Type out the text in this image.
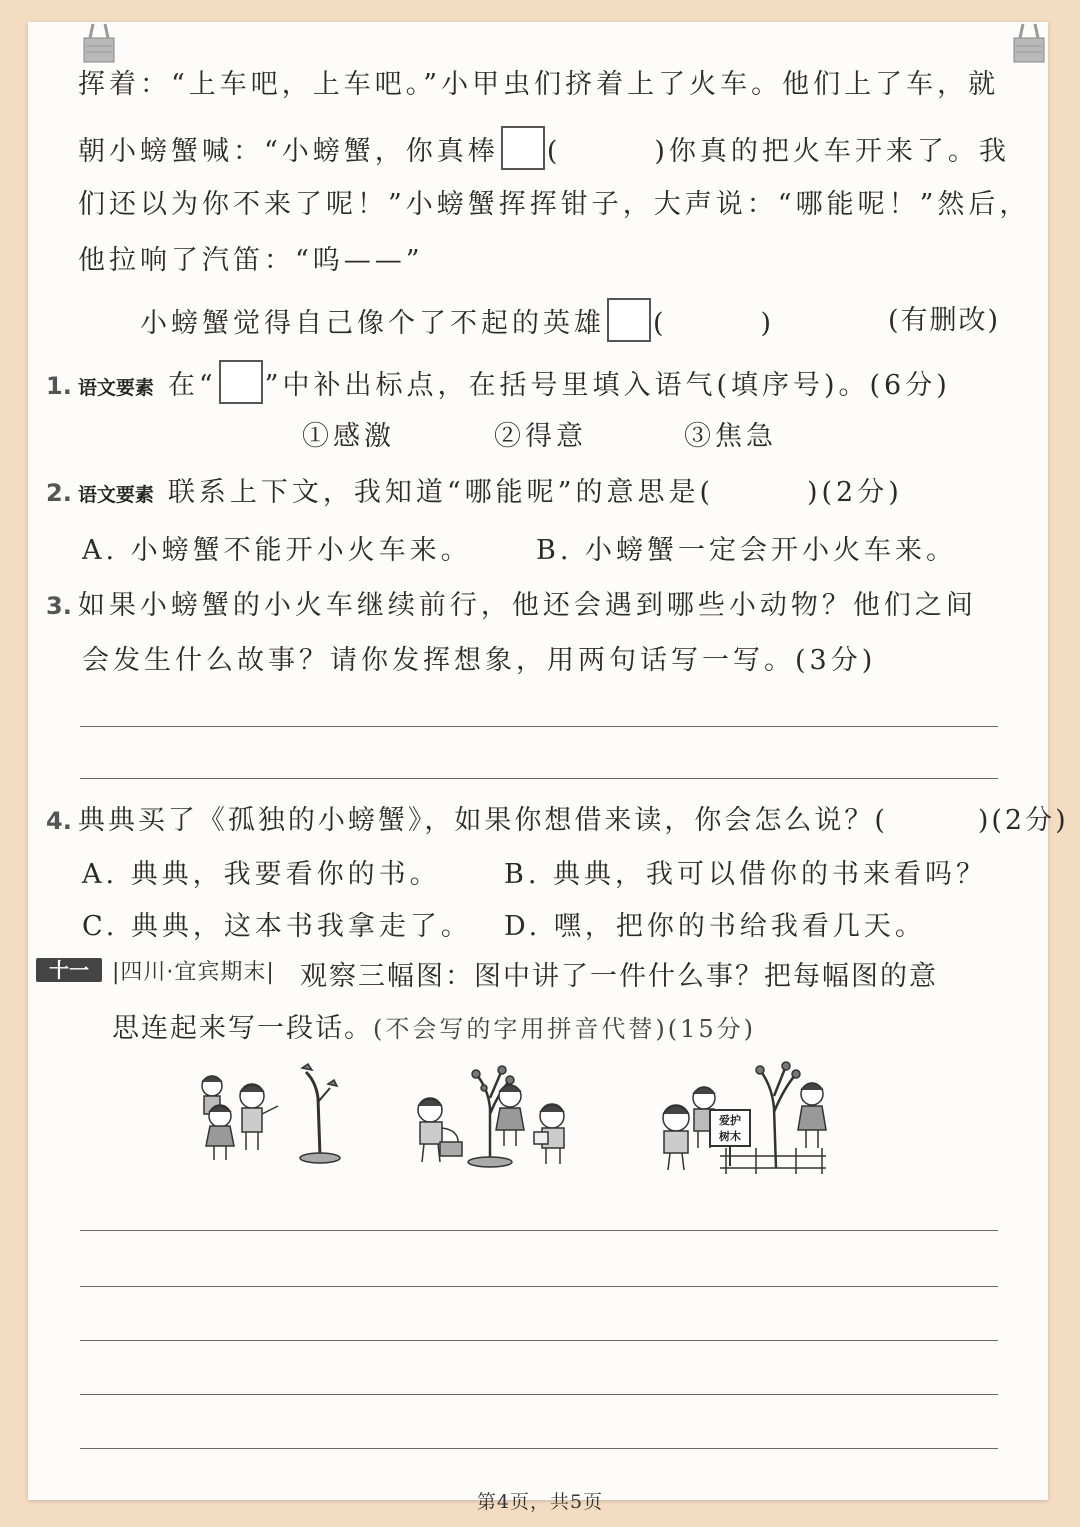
挥着：“上车吧，上车吧。”小甲虫们挤着上了火车。他们上了车，就
朝小螃蟹喊：“小螃蟹，你真棒 (　　　)你真的把火车开来了。我
们还以为你不来了呢！”小螃蟹挥挥钳子，大声说：“哪能呢！”然后，
他拉响了汽笛：“呜——”
小螃蟹觉得自己像个了不起的英雄 (　　　)	(有删改)
1. 语文要素 在“ ”中补出标点，在括号里填入语气(填序号)。(6分)
①感激	②得意	③焦急
2. 语文要素 联系上下文，我知道“哪能呢”的意思是(　　　)(2分)
A. 小螃蟹不能开小火车来。 B. 小螃蟹一定会开小火车来。
3. 如果小螃蟹的小火车继续前行，他还会遇到哪些小动物？他们之间
会发生什么故事？请你发挥想象，用两句话写一写。(3分)
4. 典典买了《孤独的小螃蟹》，如果你想借来读，你会怎么说？(　　　)(2分)
A. 典典，我要看你的书。 B. 典典，我可以借你的书来看吗？
C. 典典，这本书我拿走了。 D. 嘿，把你的书给我看几天。
十一	|四川·宜宾期末| 观察三幅图：图中讲了一件什么事？把每幅图的意
思连起来写一段话。(不会写的字用拼音代替)(15分)
爱护
树木
第4页，共5页
